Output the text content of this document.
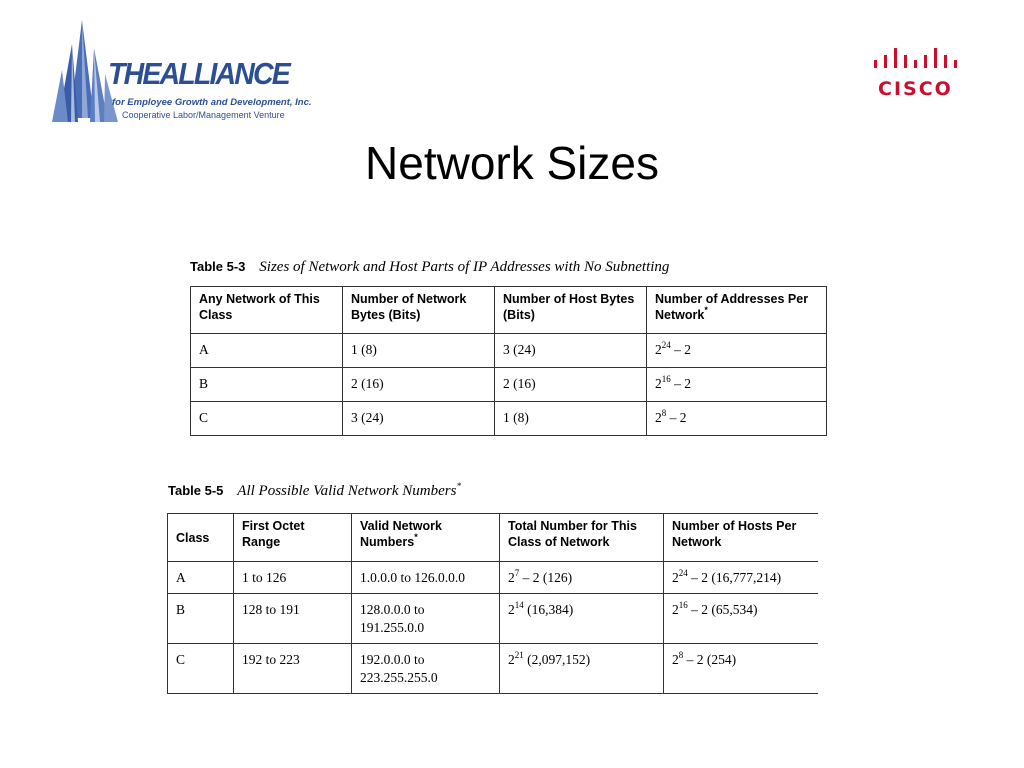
THEALLIANCE
for Employee Growth and Development, Inc.
Cooperative Labor/Management Venture
CISCO
Network Sizes
Table 5-3 Sizes of Network and Host Parts of IP Addresses with No Subnetting
Any Network of This Class	Number of Network Bytes (Bits)	Number of Host Bytes (Bits)	Number of Addresses Per Network*
A	1 (8)	3 (24)	$2^{24} - 2$
B	2 (16)	2 (16)	$2^{16} - 2$
C	3 (24)	1 (8)	$2^8 - 2$
Table 5-5 All Possible Valid Network Numbers*
Class	First Octet Range	Valid Network Numbers*	Total Number for This Class of Network	Number of Hosts Per Network
A	1 to 126	1.0.0.0 to 126.0.0.0	$2^7 - 2$ (126)	$2^{24} - 2$ (16,777,214)
B	128 to 191	128.0.0.0 to 191.255.0.0	$2^{14}$ (16,384)	$2^{16} - 2$ (65,534)
C	192 to 223	192.0.0.0 to 223.255.255.0	$2^{21}$ (2,097,152)	$2^8 - 2$ (254)
